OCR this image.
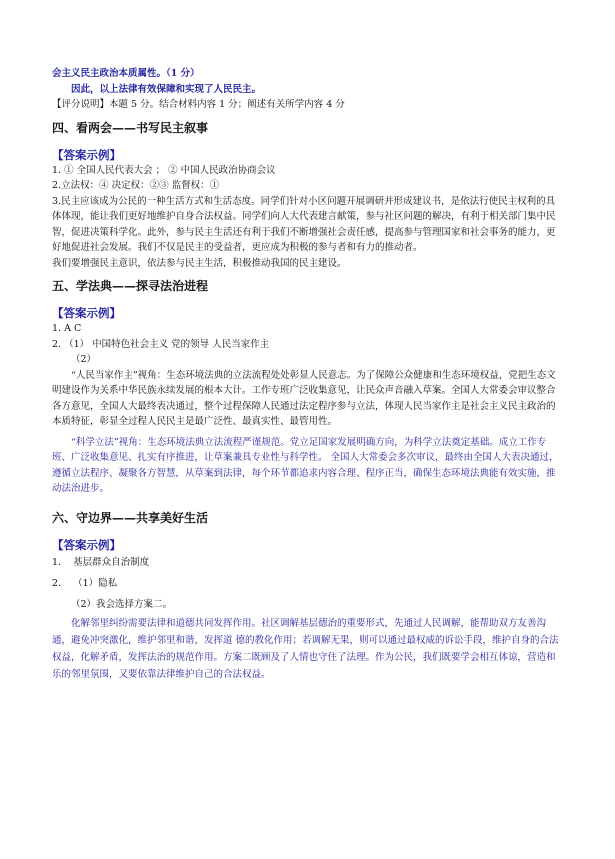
会主义民主政治本质属性。（1 分）
因此，以上法律有效保障和实现了人民民主。
【评分说明】本题 5 分。结合材料内容 1 分；阐述有关所学内容 4 分
四、看两会——书写民主叙事
【答案示例】
1. ① 全国人民代表大会 ； ② 中国人民政治协商会议
2.立法权：④ 决定权：②③ 监督权：①
3.民主应该成为公民的一种生活方式和生活态度。同学们针对小区问题开展调研并形成建议书，是依法行使民主权利的具体体现，能让我们更好地维护自身合法权益。同学们向人大代表建言献策，参与社区问题的解决，有利于相关部门集中民智，促进决策科学化。此外，参与民主生活还有利于我们不断增强社会责任感，提高参与管理国家和社会事务的能力，更好地促进社会发展。我们不仅是民主的受益者，更应成为积极的参与者和有力的推动者。
我们要增强民主意识，依法参与民主生活，积极推动我国的民主建设。
五、学法典——探寻法治进程
【答案示例】
1. A C
2. （1） 中国特色社会主义 党的领导 人民当家作主
（2）
“人民当家作主”视角：生态环境法典的立法流程处处彰显人民意志。为了保障公众健康和生态环境权益，党把生态文明建设作为关系中华民族永续发展的根本大计。工作专班广泛收集意见，让民众声音融入草案。全国人大常委会审议整合各方意见，全国人大最终表决通过，整个过程保障人民通过法定程序参与立法，体现人民当家作主是社会主义民主政治的本质特征，彰显全过程人民民主是最广泛性、最真实性、最管用性。
“科学立法”视角：生态环境法典立法流程严谨规范。党立足国家发展明确方向，为科学立法奠定基础。成立工作专班、广泛收集意见、扎实有序推进，让草案兼具专业性与科学性。 全国人大常委会多次审议，最终由全国人大表决通过，遵循立法程序、凝聚各方智慧，从草案到法律，每个环节都追求内容合理、程序正当，确保生态环境法典能有效实施，推动法治进步。
六、守边界——共享美好生活
【答案示例】
1.    基层群众自治制度
2.    （1）隐私
（2）我会选择方案二。
化解邻里纠纷需要法律和道德共同发挥作用。社区调解基层德治的重要形式，先通过人民调解，能帮助双方友善沟通，避免冲突激化，维护邻里和谐，发挥道 德的教化作用；若调解无果，则可以通过最权威的诉讼手段，维护自身的合法权益，化解矛盾，发挥法治的规范作用。方案二既顾及了人情也守住了法理。作为公民，我们既要学会相互体谅，营造和乐的邻里氛围，又要依靠法律维护自己的合法权益。
